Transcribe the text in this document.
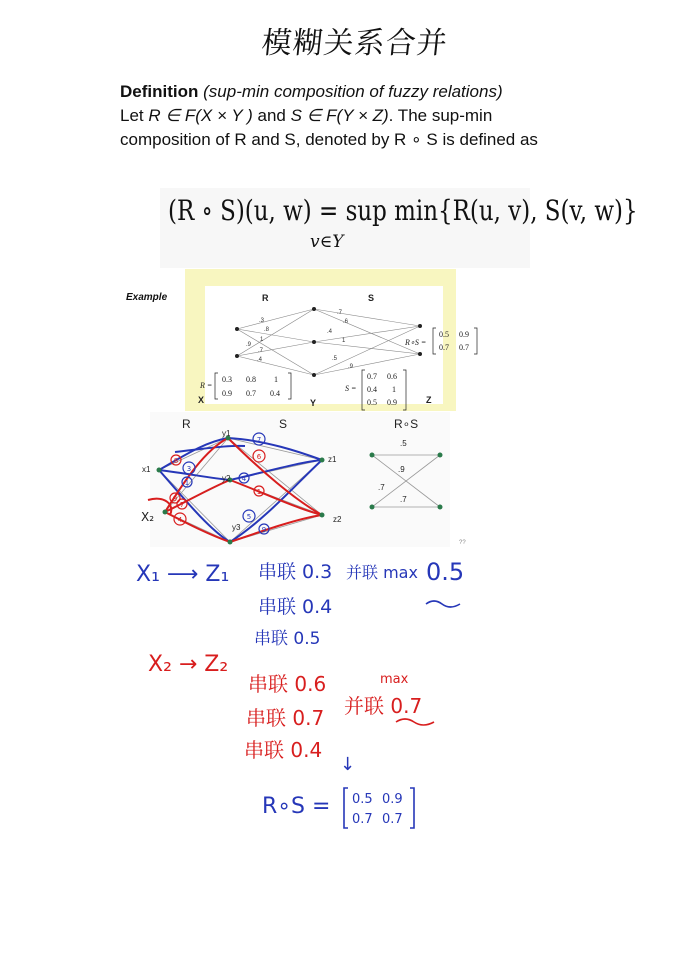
模糊关系合并
Definition (sup-min composition of fuzzy relations)
Let R ∈ F(X × Y ) and S ∈ F(Y × Z). The sup-min composition of R and S, denoted by R ∘ S is defined as
(R ∘ S)(u, w) = sup min{R(u, v), S(v, w)}
v∈Y
Example
.3
.8
1
.9
.7
.4
.7
.6
.4
1
.5
.9
R	S
X	Y	Z
R =
0.3 0.8 1
0.9 0.7 0.4
S =
0.7 0.6
0.4 1
0.5 0.9
R∘S =
0.5 0.9
0.7 0.7
R	S	R∘S
x1
y1
y2
y3
z1
z2
.5
.9
.7
.7
??
X₂
3
8
1
9
7
4
7
6
4
1
5
9
X₁ ⟶ Z₁ 串联 0.3 并联 max 0.5
串联 0.4
串联 0.5
X₂ → Z₂
串联 0.6	max
并联 0.7
串联 0.7
串联 0.4
↓
R∘S = 0.5 0.9
0.7 0.7
